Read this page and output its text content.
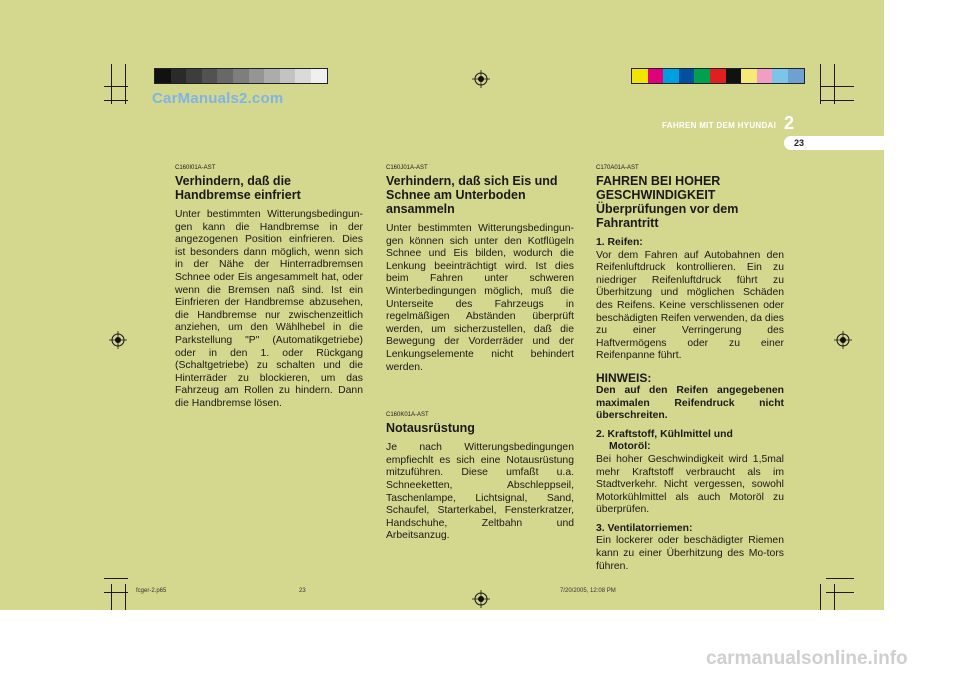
CarManuals2.com
FAHREN MIT DEM HYUNDAI 2
23
C160I01A-AST
Verhindern, daß die Handbremse einfriert

Unter bestimmten Witterungsbedingun-gen kann die Handbremse in der angezogenen Position einfrieren. Dies ist besonders dann möglich, wenn sich in der Nähe der Hinterradbremsen Schnee oder Eis angesammelt hat, oder wenn die Bremsen naß sind. Ist ein Einfrieren der Handbremse abzusehen, die Handbremse nur zwischenzeitlich anziehen, um den Wählhebel in die Parkstellung "P" (Automatikgetriebe) oder in den 1. oder Rückgang (Schaltgetriebe) zu schalten und die Hinterräder zu blockieren, um das Fahrzeug am Rollen zu hindern. Dann die Handbremse lösen.

C160J01A-AST
Verhindern, daß sich Eis und Schnee am Unterboden ansammeln

Unter bestimmten Witterungsbedingun-gen können sich unter den Kotflügeln Schnee und Eis bilden, wodurch die Lenkung beeinträchtigt wird. Ist dies beim Fahren unter schweren Winterbedingungen möglich, muß die Unterseite des Fahrzeugs in regelmäßigen Abständen überprüft werden, um sicherzustellen, daß die Bewegung der Vorderräder und der Lenkungselemente nicht behindert werden.

C160K01A-AST
Notausrüstung

Je nach Witterungsbedingungen empfiechlt es sich eine Notausrüstung mitzuführen. Diese umfaßt u.a. Schneeketten, Abschleppseil, Taschenlampe, Lichtsignal, Sand, Schaufel, Starterkabel, Fensterkratzer, Handschuhe, Zeltbahn und Arbeitsanzug.

C170A01A-AST
FAHREN BEI HOHER GESCHWINDIGKEIT Überprüfungen vor dem Fahrantritt
1. Reifen:

Vor dem Fahren auf Autobahnen den Reifenluftdruck kontrollieren. Ein zu niedriger Reifenluftdruck führt zu Überhitzung und möglichen Schäden des Reifens. Keine verschlissenen oder beschädigten Reifen verwenden, da dies zu einer Verringerung des Haftvermögens oder zu einer Reifenpanne führt.

HINWEIS:

Den auf den Reifen angegebenen maximalen Reifendruck nicht überschreiten.

2. Kraftstoff, Kühlmittel und
Motoröl:

Bei hoher Geschwindigkeit wird 1,5mal mehr Kraftstoff verbraucht als im Stadtverkehr. Nicht vergessen, sowohl Motorkühlmittel als auch Motoröl zu überprüfen.

3. Ventilatorriemen:

Ein lockerer oder beschädigter Riemen kann zu einer Überhitzung des Mo-tors führen.

fcger-2.p65	23	7/20/2005, 12:08 PM
carmanualsonline.info
